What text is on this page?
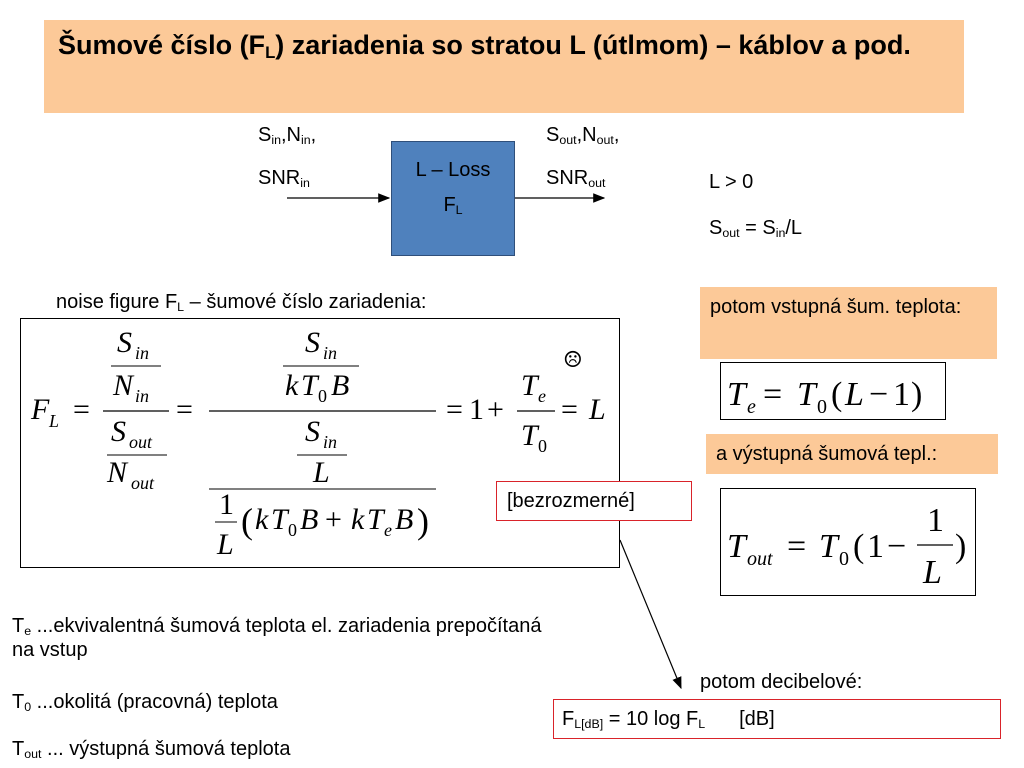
Šumové číslo $(F_L)$ zariadenia so stratou L (útlmom) – káblov a pod.
$S_{in},N_{in}$,
$SNR_{in}$
L – Loss
$F_L$
$S_{out},N_{out}$,
$SNR_{out}$	L > 0
$S_{out} = S_{in}/L$
noise figure $F_L$ – šumové číslo zariadenia:
F L =
S in
N in
S out
N out
=
S in
k T 0 B
S in
L
1
L
( k T 0 B + k T e B )
= 1 +
T e
T 0
= L
☹
[bezrozmerné]
potom vstupná šum. teplota:
T e = T 0 ( L − 1 )
a výstupná šumová tepl.:
T out = T 0 ( 1 −
1
L
)
$T_e$ ...ekvivalentná šumová teplota el. zariadenia prepočítaná na vstup
$T_0$ ...okolitá (pracovná) teplota
$T_{out}$ ... výstupná šumová teplota
potom decibelové:
$F_{L[dB]} = 10$ $\log F_L$ [dB]
